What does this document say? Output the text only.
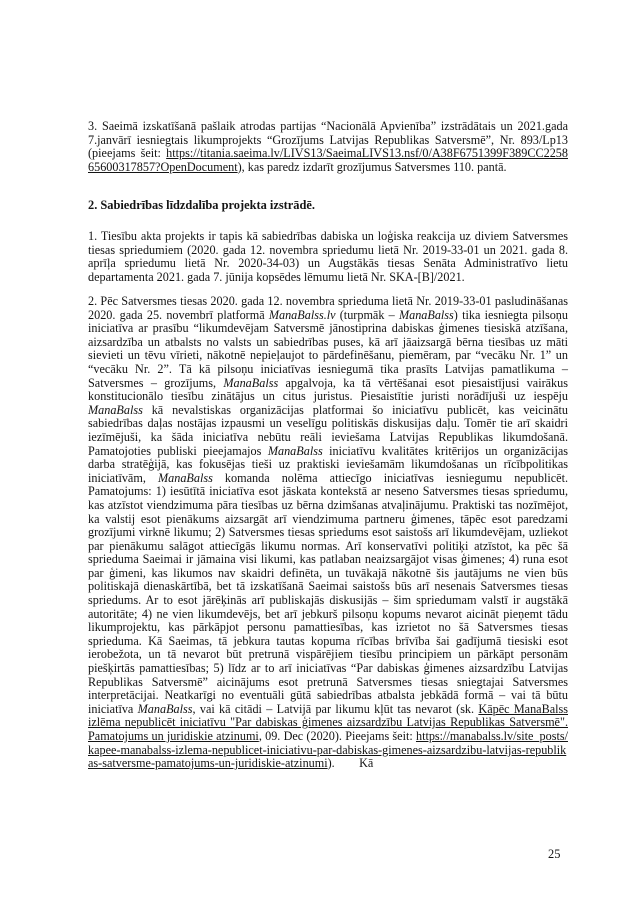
3. Saeimā izskatīšanā pašlaik atrodas partijas “Nacionālā Apvienība” izstrādātais un 2021.gada 7.janvārī iesniegtais likumprojekts “Grozījums Latvijas Republikas Satversmē”, Nr. 893/Lp13 (pieejams šeit: https://titania.saeima.lv/LIVS13/SaeimaLIVS13.nsf/0/A38F6751399F389CC225865600317857?OpenDocument), kas paredz izdarīt grozījumus Satversmes 110. pantā.

2. Sabiedrības līdzdalība projekta izstrādē.

1. Tiesību akta projekts ir tapis kā sabiedrības dabiska un loģiska reakcija uz diviem Satversmes tiesas spriedumiem (2020. gada 12. novembra spriedumu lietā Nr. 2019-33-01 un 2021. gada 8. aprīļa spriedumu lietā Nr. 2020-34-03) un Augstākās tiesas Senāta Administratīvo lietu departamenta 2021. gada 7. jūnija kopsēdes lēmumu lietā Nr. SKA-[B]/2021.

2. Pēc Satversmes tiesas 2020. gada 12. novembra sprieduma lietā Nr. 2019-33-01 pasludināšanas 2020. gada 25. novembrī platformā ManaBalss.lv (turpmāk – ManaBalss) tika iesniegta pilsoņu iniciatīva ar prasību “likumdevējam Satversmē jānostiprina dabiskas ģimenes tiesiskā atzīšana, aizsardzība un atbalsts no valsts un sabiedrības puses, kā arī jāaizsargā bērna tiesības uz māti sievieti un tēvu vīrieti, nākotnē nepieļaujot to pārdefinēšanu, piemēram, par “vecāku Nr. 1” un “vecāku Nr. 2”. Tā kā pilsoņu iniciatīvas iesniegumā tika prasīts Latvijas pamatlikuma – Satversmes – grozījums, ManaBalss apgalvoja, ka tā vērtēšanai esot piesaistījusi vairākus konstitucionālo tiesību zinātājus un citus juristus. Piesaistītie juristi norādījuši uz iespēju ManaBalss kā nevalstiskas organizācijas platformai šo iniciatīvu publicēt, kas veicinātu sabiedrības daļas nostājas izpausmi un veselīgu politiskās diskusijas daļu. Tomēr tie arī skaidri iezīmējuši, ka šāda iniciatīva nebūtu reāli ieviešama Latvijas Republikas likumdošanā. Pamatojoties publiski pieejamajos ManaBalss iniciatīvu kvalitātes kritērijos un organizācijas darba stratēģijā, kas fokusējas tieši uz praktiski ieviešamām likumdošanas un rīcībpolitikas iniciatīvām, ManaBalss komanda nolēma attiecīgo iniciatīvas iesniegumu nepublicēt. Pamatojums: 1) iesūtītā iniciatīva esot jāskata kontekstā ar neseno Satversmes tiesas spriedumu, kas atzīstot viendzimuma pāra tiesības uz bērna dzimšanas atvaļinājumu. Praktiski tas nozīmējot, ka valstij esot pienākums aizsargāt arī viendzimuma partneru ģimenes, tāpēc esot paredzami grozījumi virknē likumu; 2) Satversmes tiesas spriedums esot saistošs arī likumdevējam, uzliekot par pienākumu salāgot attiecīgās likumu normas. Arī konservatīvi politiķi atzīstot, ka pēc šā sprieduma Saeimai ir jāmaina visi likumi, kas patlaban neaizsargājot visas ģimenes; 4) runa esot par ģimeni, kas likumos nav skaidri definēta, un tuvākajā nākotnē šis jautājums ne vien būs politiskajā dienaskārtībā, bet tā izskatīšanā Saeimai saistošs būs arī nesenais Satversmes tiesas spriedums. Ar to esot jārēķinās arī publiskajās diskusijās – šim spriedumam valstī ir augstākā autoritāte; 4) ne vien likumdevējs, bet arī jebkurš pilsoņu kopums nevarot aicināt pieņemt tādu likumprojektu, kas pārkāpjot personu pamattiesības, kas izrietot no šā Satversmes tiesas sprieduma. Kā Saeimas, tā jebkura tautas kopuma rīcības brīvība šai gadījumā tiesiski esot ierobežota, un tā nevarot būt pretrunā vispārējiem tiesību principiem un pārkāpt personām piešķirtās pamattiesības; 5) līdz ar to arī iniciatīvas “Par dabiskas ģimenes aizsardzību Latvijas Republikas Satversmē” aicinājums esot pretrunā Satversmes tiesas sniegtajai Satversmes interpretācijai. Neatkarīgi no eventuāli gūtā sabiedrības atbalsta jebkādā formā – vai tā būtu iniciatīva ManaBalss, vai kā citādi – Latvijā par likumu kļūt tas nevarot (sk. Kāpēc ManaBalss izlēma nepublicēt iniciatīvu "Par dabiskas ģimenes aizsardzību Latvijas Republikas Satversmē". Pamatojums un juridiskie atzinumi, 09. Dec (2020). Pieejams šeit: https://manabalss.lv/site_posts/kapee-manabalss-izlema-nepublicet-iniciativu-par-dabiskas-gimenes-aizsardzibu-latvijas-republikas-satversme-pamatojums-un-juridiskie-atzinumi).        Kā

25
